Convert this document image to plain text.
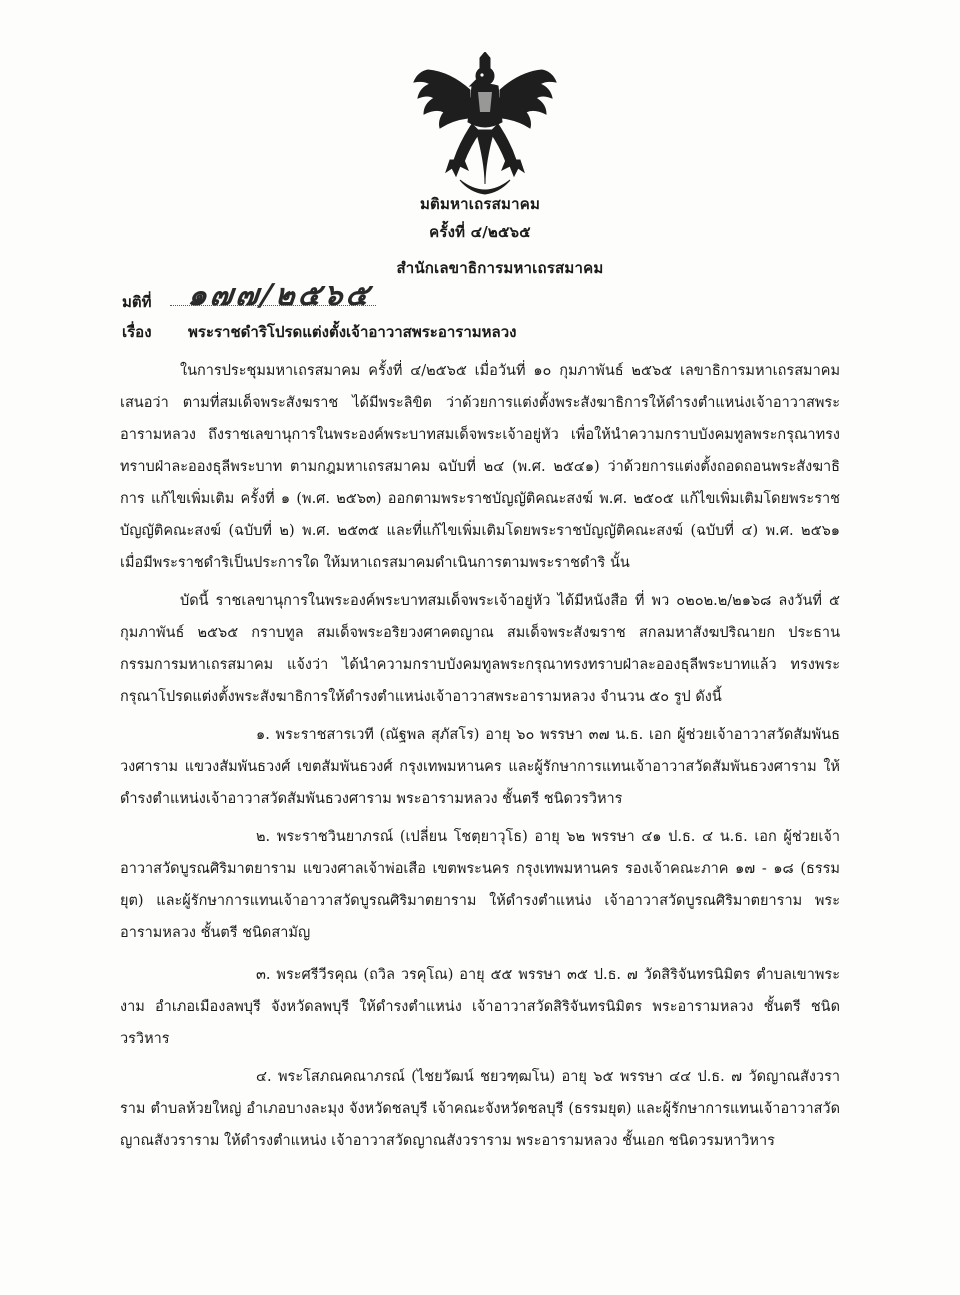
มติมหาเถรสมาคม
ครั้งที่ ๔/๒๕๖๕
สำนักเลขาธิการมหาเถรสมาคม
มติที่ ๑๗๗/๒๕๖๕
เรื่อง พระราชดำริโปรดแต่งตั้งเจ้าอาวาสพระอารามหลวง

ในการประชุมมหาเถรสมาคม ครั้งที่ ๔/๒๕๖๕ เมื่อวันที่ ๑๐ กุมภาพันธ์ ๒๕๖๕ เลขาธิการมหาเถรสมาคมเสนอว่า ตามที่สมเด็จพระสังฆราช ได้มีพระลิขิต ว่าด้วยการแต่งตั้งพระสังฆาธิการให้ดำรงตำแหน่งเจ้าอาวาสพระอารามหลวง ถึงราชเลขานุการในพระองค์พระบาทสมเด็จพระเจ้าอยู่หัว เพื่อให้นำความกราบบังคมทูลพระกรุณาทรงทราบฝ่าละอองธุลีพระบาท ตามกฎมหาเถรสมาคม ฉบับที่ ๒๔ (พ.ศ. ๒๕๔๑) ว่าด้วยการแต่งตั้งถอดถอนพระสังฆาธิการ แก้ไขเพิ่มเติม ครั้งที่ ๑ (พ.ศ. ๒๕๖๓) ออกตามพระราชบัญญัติคณะสงฆ์ พ.ศ. ๒๕๐๕ แก้ไขเพิ่มเติมโดยพระราชบัญญัติคณะสงฆ์ (ฉบับที่ ๒) พ.ศ. ๒๕๓๕ และที่แก้ไขเพิ่มเติมโดยพระราชบัญญัติคณะสงฆ์ (ฉบับที่ ๔) พ.ศ. ๒๕๖๑ เมื่อมีพระราชดำริเป็นประการใด ให้มหาเถรสมาคมดำเนินการตามพระราชดำริ นั้น

บัดนี้ ราชเลขานุการในพระองค์พระบาทสมเด็จพระเจ้าอยู่หัว ได้มีหนังสือ ที่ พว ๐๒๐๒.๒/๒๑๖๘ ลงวันที่ ๕ กุมภาพันธ์ ๒๕๖๕ กราบทูล สมเด็จพระอริยวงศาคตญาณ สมเด็จพระสังฆราช สกลมหาสังฆปริณายก ประธานกรรมการมหาเถรสมาคม แจ้งว่า ได้นำความกราบบังคมทูลพระกรุณาทรงทราบฝ่าละอองธุลีพระบาทแล้ว ทรงพระกรุณาโปรดแต่งตั้งพระสังฆาธิการให้ดำรงตำแหน่งเจ้าอาวาสพระอารามหลวง จำนวน ๕๐ รูป ดังนี้

๑. พระราชสารเวที (ณัฐพล สุภัสโร) อายุ ๖๐ พรรษา ๓๗ น.ธ. เอก ผู้ช่วยเจ้าอาวาสวัดสัมพันธวงศาราม แขวงสัมพันธวงศ์ เขตสัมพันธวงศ์ กรุงเทพมหานคร และผู้รักษาการแทนเจ้าอาวาสวัดสัมพันธวงศาราม ให้ดำรงตำแหน่งเจ้าอาวาสวัดสัมพันธวงศาราม พระอารามหลวง ชั้นตรี ชนิดวรวิหาร

๒. พระราชวินยาภรณ์ (เปลี่ยน โชตฺยาวุโธ) อายุ ๖๒ พรรษา ๔๑ ป.ธ. ๔ น.ธ. เอก ผู้ช่วยเจ้าอาวาสวัดบูรณศิริมาตยาราม แขวงศาลเจ้าพ่อเสือ เขตพระนคร กรุงเทพมหานคร รองเจ้าคณะภาค ๑๗ - ๑๘ (ธรรมยุต) และผู้รักษาการแทนเจ้าอาวาสวัดบูรณศิริมาตยาราม ให้ดำรงตำแหน่ง เจ้าอาวาสวัดบูรณศิริมาตยาราม พระอารามหลวง ชั้นตรี ชนิดสามัญ

๓. พระศรีวีรคุณ (ถวิล วรคุโณ) อายุ ๕๕ พรรษา ๓๕ ป.ธ. ๗ วัดสิริจันทรนิมิตร ตำบลเขาพระงาม อำเภอเมืองลพบุรี จังหวัดลพบุรี ให้ดำรงตำแหน่ง เจ้าอาวาสวัดสิริจันทรนิมิตร พระอารามหลวง ชั้นตรี ชนิดวรวิหาร

๔. พระโสภณคณาภรณ์ (ไชยวัฒน์ ชยวฑฺฒโน) อายุ ๖๕ พรรษา ๔๔ ป.ธ. ๗ วัดญาณสังวราราม ตำบลห้วยใหญ่ อำเภอบางละมุง จังหวัดชลบุรี เจ้าคณะจังหวัดชลบุรี (ธรรมยุต) และผู้รักษาการแทนเจ้าอาวาสวัดญาณสังวราราม ให้ดำรงตำแหน่ง เจ้าอาวาสวัดญาณสังวราราม พระอารามหลวง ชั้นเอก ชนิดวรมหาวิหาร
